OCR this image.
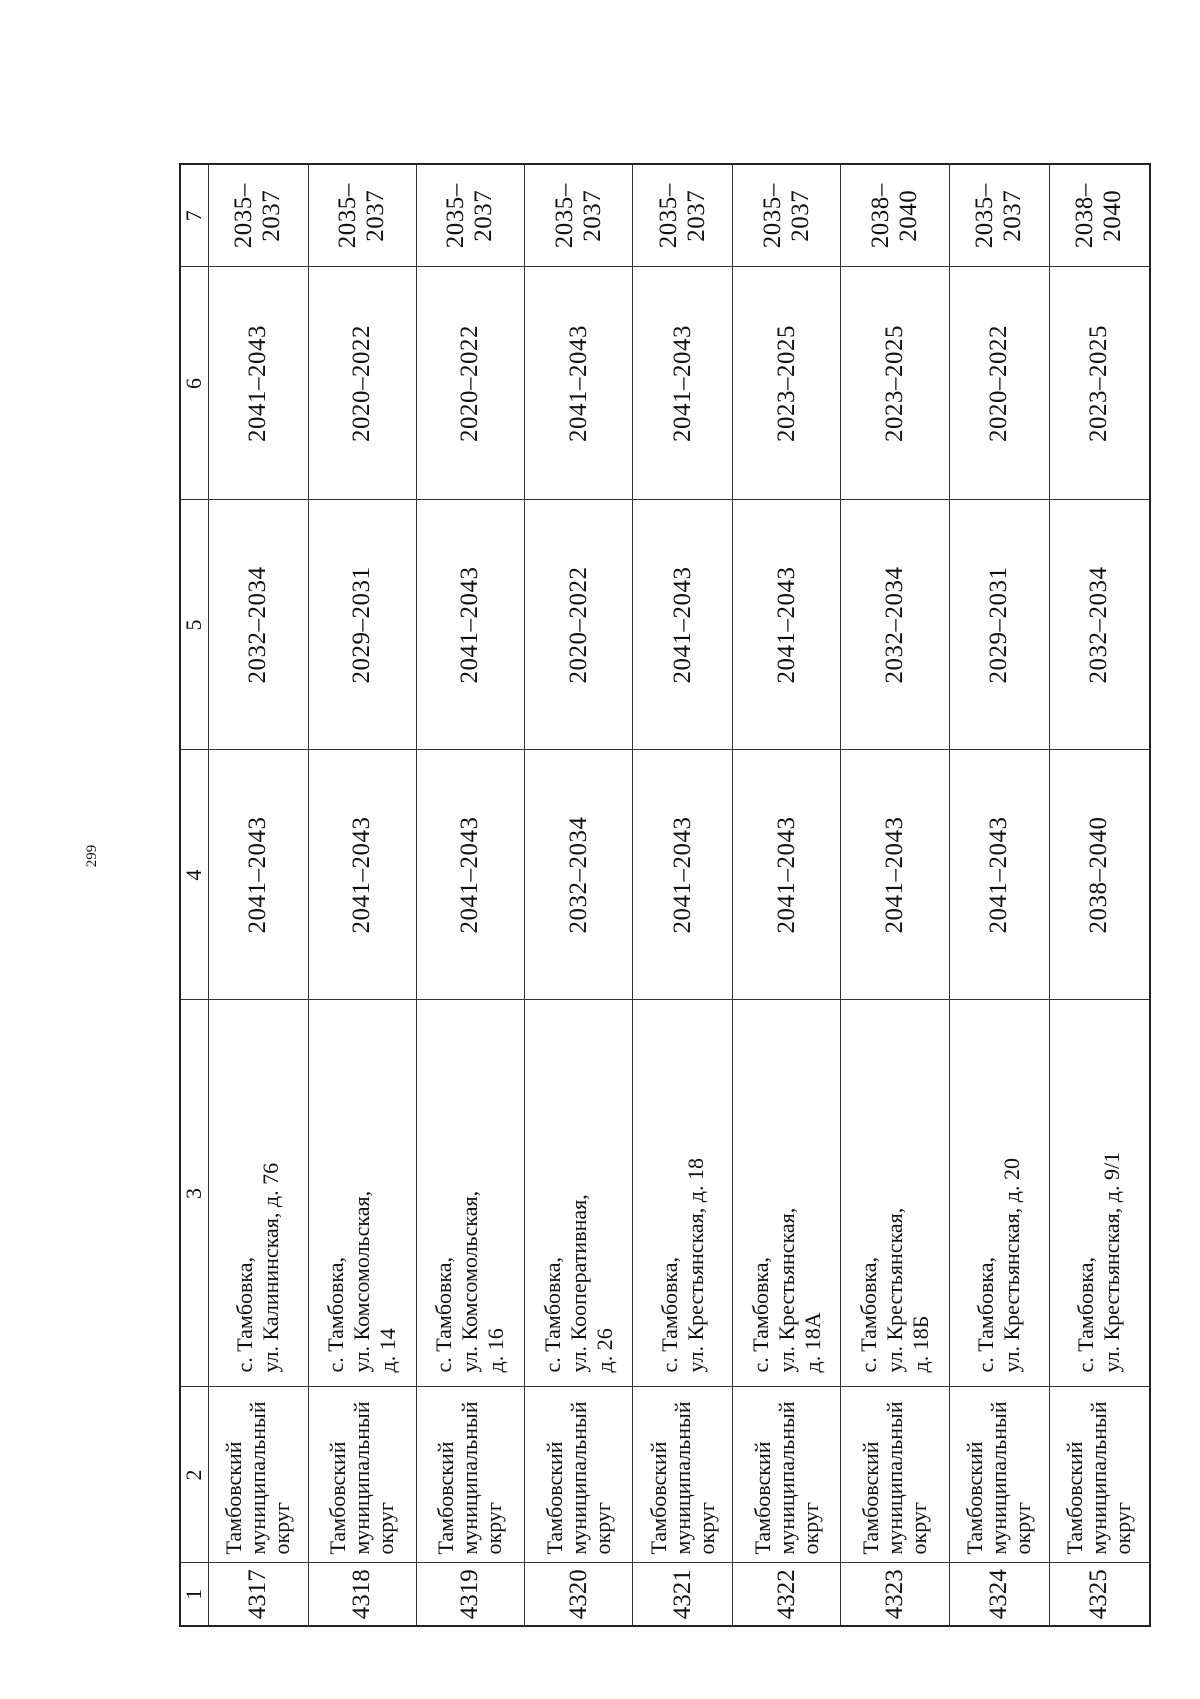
299
1	2	3	4	5	6	7
4317	Тамбовский муниципальный округ	с. Тамбовка, ул. Калининская, д. 76	2041–2043	2032–2034	2041–2043	2035–2037
4318	Тамбовский муниципальный округ	с. Тамбовка, ул. Комсомольская, д. 14	2041–2043	2029–2031	2020–2022	2035–2037
4319	Тамбовский муниципальный округ	с. Тамбовка, ул. Комсомольская, д. 16	2041–2043	2041–2043	2020–2022	2035–2037
4320	Тамбовский муниципальный округ	с. Тамбовка, ул. Кооперативная, д. 26	2032–2034	2020–2022	2041–2043	2035–2037
4321	Тамбовский муниципальный округ	с. Тамбовка, ул. Крестьянская, д. 18	2041–2043	2041–2043	2041–2043	2035–2037
4322	Тамбовский муниципальный округ	с. Тамбовка, ул. Крестьянская, д. 18А	2041–2043	2041–2043	2023–2025	2035–2037
4323	Тамбовский муниципальный округ	с. Тамбовка, ул. Крестьянская, д. 18Б	2041–2043	2032–2034	2023–2025	2038–2040
4324	Тамбовский муниципальный округ	с. Тамбовка, ул. Крестьянская, д. 20	2041–2043	2029–2031	2020–2022	2035–2037
4325	Тамбовский муниципальный округ	с. Тамбовка, ул. Крестьянская, д. 9/1	2038–2040	2032–2034	2023–2025	2038–2040
